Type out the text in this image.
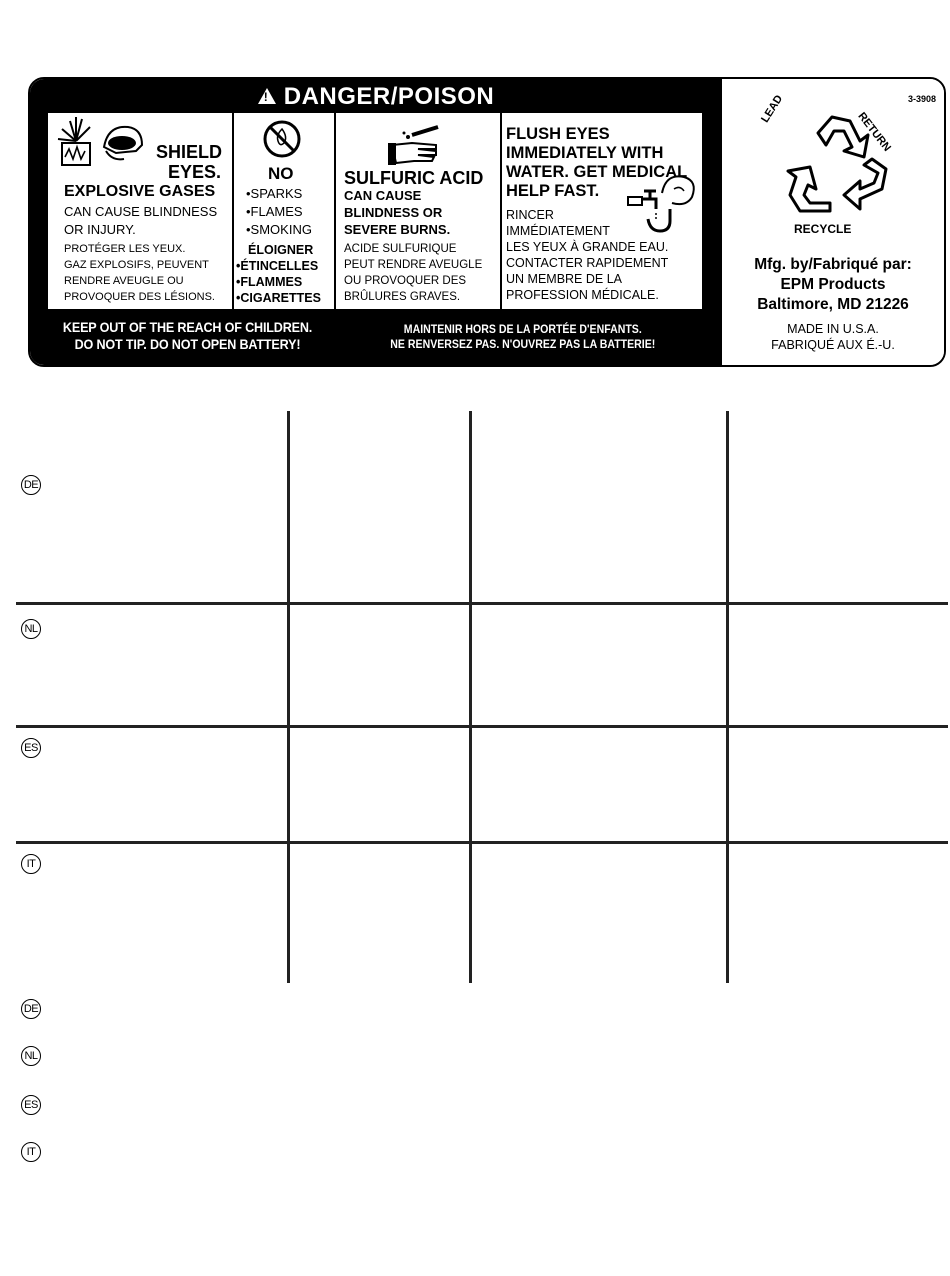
!DANGER/POISON
SHIELD
EYES.
EXPLOSIVE GASES
CAN CAUSE BLINDNESS
OR INJURY.
PROTÉGER LES YEUX.
GAZ EXPLOSIFS, PEUVENT
RENDRE AVEUGLE OU
PROVOQUER DES LÉSIONS.
NO
•SPARKS
•FLAMES
•SMOKING
ÉLOIGNER
•ÉTINCELLES
•FLAMMES
•CIGARETTES
SULFURIC ACID
CAN CAUSE
BLINDNESS OR
SEVERE BURNS.
ACIDE SULFURIQUE
PEUT RENDRE AVEUGLE
OU PROVOQUER DES
BRÛLURES GRAVES.
FLUSH EYES
IMMEDIATELY WITH
WATER. GET MEDICAL
HELP FAST.
RINCER
IMMÉDIATEMENT
LES YEUX À GRANDE EAU.
CONTACTER RAPIDEMENT
UN MEMBRE DE LA
PROFESSION MÉDICALE.
KEEP OUT OF THE REACH OF CHILDREN.
DO NOT TIP. DO NOT OPEN BATTERY!
MAINTENIR HORS DE LA PORTÉE D'ENFANTS.
NE RENVERSEZ PAS. N'OUVREZ PAS LA BATTERIE!
3-3908
LEAD
RETURN
RECYCLE
Mfg. by/Fabriqué par:
EPM Products
Baltimore, MD 21226
MADE IN U.S.A.
FABRIQUÉ AUX É.-U.
DE
NL
ES
IT
DE
NL
ES
IT
